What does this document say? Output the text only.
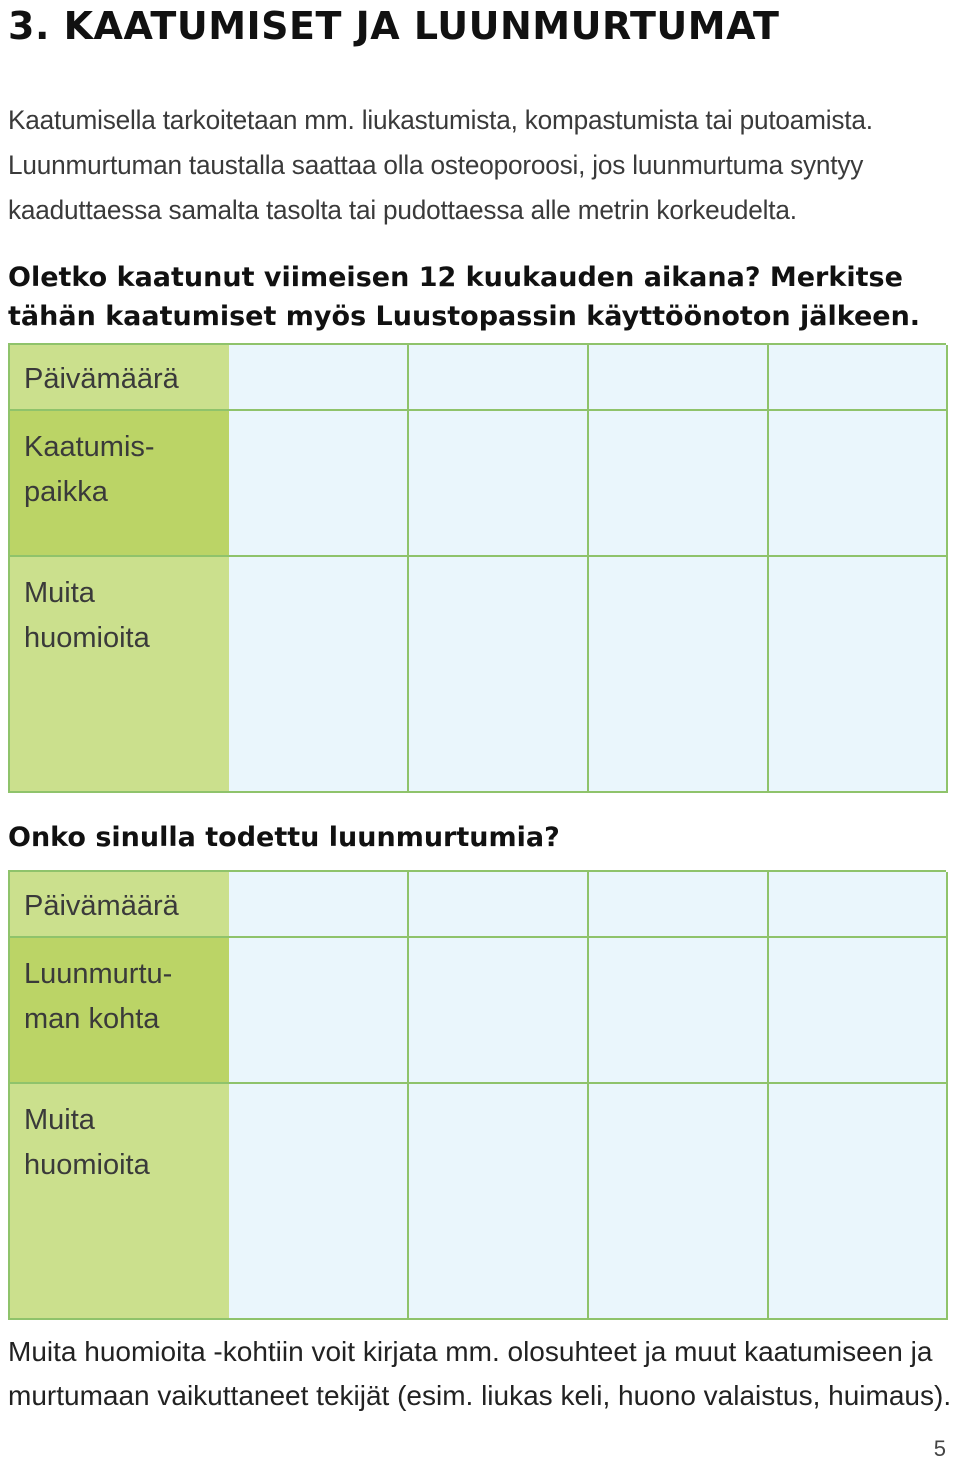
3. KAATUMISET JA LUUNMURTUMAT

Kaatumisella tarkoitetaan mm. liukastumista, kompastumista tai putoamista. Luunmurtuman taustalla saattaa olla osteoporoosi, jos luunmurtuma syntyy kaaduttaessa samalta tasolta tai pudottaessa alle metrin korkeudelta.

Oletko kaatunut viimeisen 12 kuukauden aikana? Merkitse tähän kaatumiset myös Luustopassin käyttöönoton jälkeen.
Päivämäärä
Kaatumis-
paikka
Muita
huomioita
Onko sinulla todettu luunmurtumia?
Päivämäärä
Luunmurtu-
man kohta
Muita
huomioita

Muita huomioita -kohtiin voit kirjata mm. olosuhteet ja muut kaatumiseen ja murtumaan vaikuttaneet tekijät (esim. liukas keli, huono valaistus, huimaus).

5
